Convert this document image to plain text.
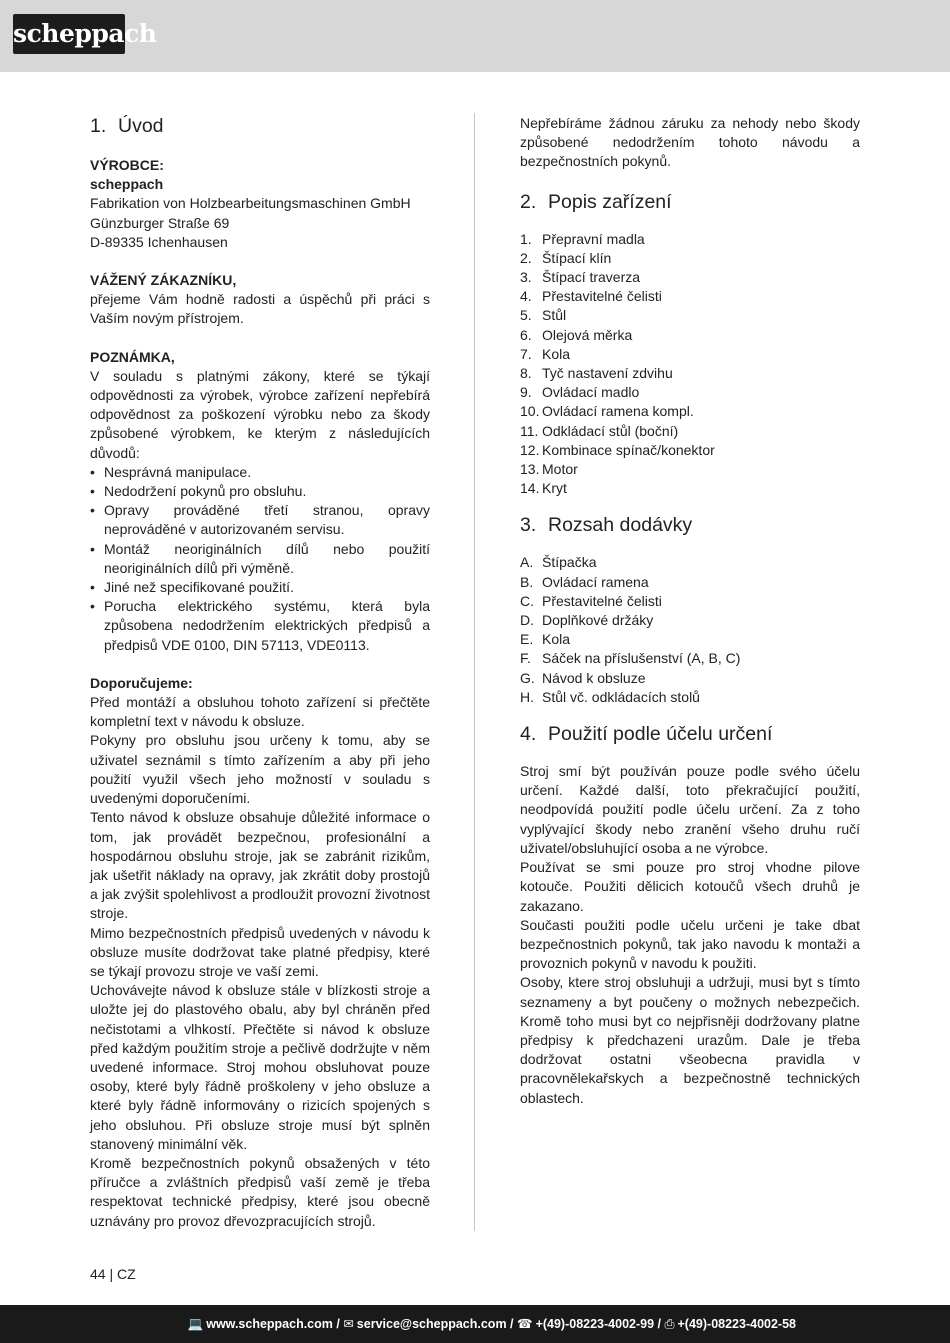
scheppach
1. Úvod
VÝROBCE:
scheppach
Fabrikation von Holzbearbeitungsmaschinen GmbH
Günzburger Straße 69
D-89335 Ichenhausen
VÁŽENÝ ZÁKAZNÍKU,

přejeme Vám hodně radosti a úspěchů při práci s Vaším novým přístrojem.

POZNÁMKA,

V souladu s platnými zákony, které se týkají odpovědnosti za výrobek, výrobce zařízení nepřebírá odpovědnost za poškození výrobku nebo za škody způsobené výrobkem, ke kterým z následujících důvodů:

• Nesprávná manipulace.
• Nedodržení pokynů pro obsluhu.
• Opravy prováděné třetí stranou, opravy neprováděné v autorizovaném servisu.
• Montáž neoriginálních dílů nebo použití neoriginálních dílů při výměně.
• Jiné než specifikované použití.
• Porucha elektrického systému, která byla způsobena nedodržením elektrických předpisů a předpisů VDE 0100, DIN 57113, VDE0113.
Doporučujeme:

Před montáží a obsluhou tohoto zařízení si přečtěte kompletní text v návodu k obsluze.

Pokyny pro obsluhu jsou určeny k tomu, aby se uživatel seznámil s tímto zařízením a aby při jeho použití využil všech jeho možností v souladu s uvedenými doporučeními.

Tento návod k obsluze obsahuje důležité informace o tom, jak provádět bezpečnou, profesionální a hospodárnou obsluhu stroje, jak se zabránit rizikům, jak ušetřit náklady na opravy, jak zkrátit doby prostojů a jak zvýšit spolehlivost a prodloužit provozní životnost stroje.

Mimo bezpečnostních předpisů uvedených v návodu k obsluze musíte dodržovat take platné předpisy, které se týkají provozu stroje ve vaší zemi.

Uchovávejte návod k obsluze stále v blízkosti stroje a uložte jej do plastového obalu, aby byl chráněn před nečistotami a vlhkostí. Přečtěte si návod k obsluze před každým použitím stroje a pečlivě dodržujte v něm uvedené informace. Stroj mohou obsluhovat pouze osoby, které byly řádně proškoleny v jeho obsluze a které byly řádně informovány o rizicích spojených s jeho obsluhou. Při obsluze stroje musí být splněn stanovený minimální věk.

Kromě bezpečnostních pokynů obsažených v této příručce a zvláštních předpisů vaší země je třeba respektovat technické předpisy, které jsou obecně uznávány pro provoz dřevozpracujících strojů.

Nepřebíráme žádnou záruku za nehody nebo škody způsobené nedodržením tohoto návodu a bezpečnostních pokynů.

2. Popis zařízení
1. Přepravní madla
2. Štípací klín
3. Štípací traverza
4. Přestavitelné čelisti
5. Stůl
6. Olejová měrka
7. Kola
8. Tyč nastavení zdvihu
9. Ovládací madlo
10. Ovládací ramena kompl.
11. Odkládací stůl (boční)
12. Kombinace spínač/konektor
13. Motor
14. Kryt
3. Rozsah dodávky
A. Štípačka
B. Ovládací ramena
C. Přestavitelné čelisti
D. Doplňkové držáky
E. Kola
F. Sáček na příslušenství (A, B, C)
G. Návod k obsluze
H. Stůl vč. odkládacích stolů
4. Použití podle účelu určení

Stroj smí být používán pouze podle svého účelu určení. Každé další, toto překračující použití, neodpovídá použití podle účelu určení. Za z toho vyplývající škody nebo zranění všeho druhu ručí uživatel/obsluhující osoba a ne výrobce.

Používat se smi pouze pro stroj vhodne pilove kotouče. Použiti dělicich kotoučů všech druhů je zakazano.

Současti použiti podle učelu určeni je take dbat bezpečnostnich pokynů, tak jako navodu k montaži a provoznich pokynů v navodu k použiti.

Osoby, ktere stroj obsluhuji a udržuji, musi byt s tímto seznameny a byt poučeny o možnych nebezpečich. Kromě toho musi byt co nejpřisněji dodržovany platne předpisy k předchazeni urazům. Dale je třeba dodržovat ostatni všeobecna pravidla v pracovnělekařskych a bezpečnostně technických oblastech.

44 | CZ
💻 www.scheppach.com / ✉ service@scheppach.com / ☎ +(49)-08223-4002-99 / ⎙ +(49)-08223-4002-58
